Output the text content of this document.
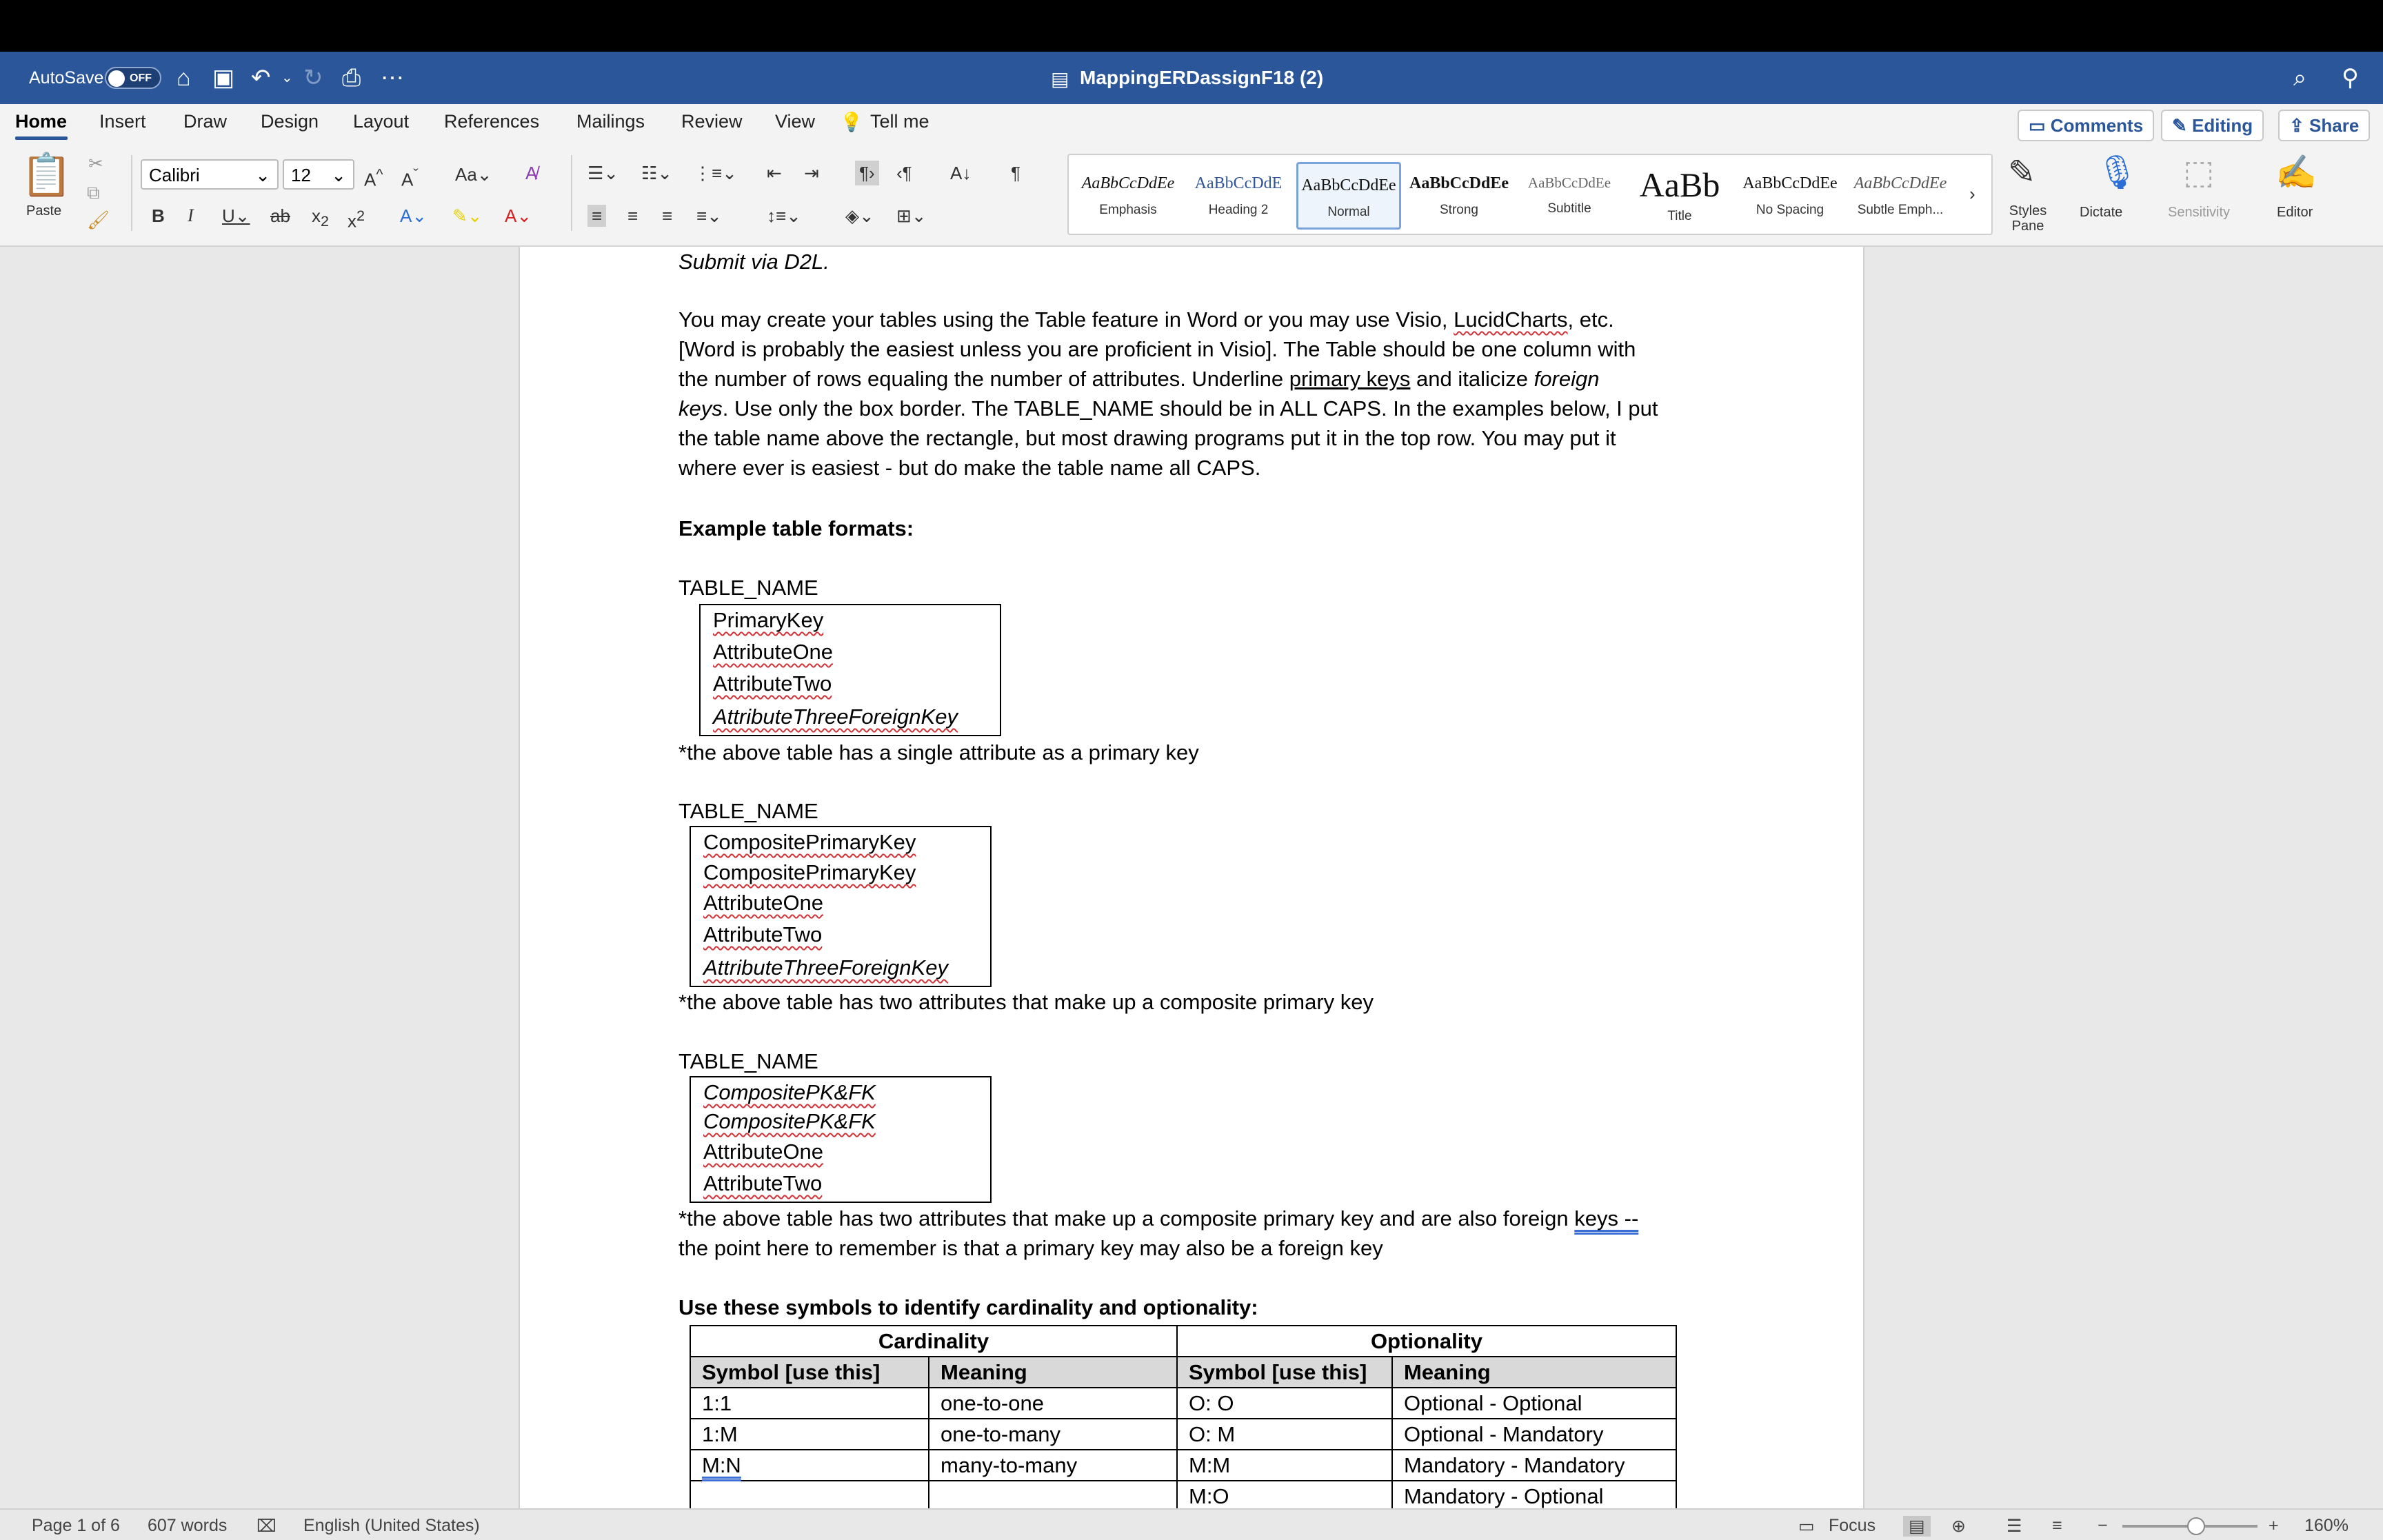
AutoSave OFF ⌂ ▣ ↶ ⌄ ↻ ⎙ ⋯	▤ MappingERDassignF18 (2)	⌕ ⚲
Home Insert Draw Design Layout References Mailings Review View 💡 Tell me	▭ Comments	✎ Editing	⇪ Share
📋
Paste
✂
⧉
🖌
Calibri	⌄	12 ⌄ A^ $A^ˇ$ Aa⌄ A̸
B I U⌄ ab $x_2$ $x^2$ A⌄ ✎⌄ A⌄
☰⌄ ☷⌄ ⋮≡⌄ ⇤ ⇥ ¶› ‹¶ A↓ ¶
≡ ≡ ≡ ≡⌄	↕≡⌄ ◈⌄ ⊞⌄
AaBbCcDdEe
Emphasis
AaBbCcDdE
Heading 2
AaBbCcDdEe
Normal
AaBbCcDdEe
Strong
AaBbCcDdEe
Subtitle
AaBb
Title
AaBbCcDdEe
No Spacing
AaBbCcDdEe
Subtle Emph...
›
✎
Styles Pane
🎙
Dictate
⬚
Sensitivity
✍
Editor
Submit via D2L.
You may create your tables using the Table feature in Word or you may use Visio, LucidCharts, etc.
[Word is probably the easiest unless you are proficient in Visio]. The Table should be one column with
the number of rows equaling the number of attributes. Underline primary keys and italicize foreign
keys. Use only the box border. The TABLE_NAME should be in ALL CAPS. In the examples below, I put
the table name above the rectangle, but most drawing programs put it in the top row. You may put it
where ever is easiest - but do make the table name all CAPS.
Example table formats:
TABLE_NAME
PrimaryKey
AttributeOne
AttributeTwo
AttributeThreeForeignKey
*the above table has a single attribute as a primary key
TABLE_NAME
CompositePrimaryKey
CompositePrimaryKey
AttributeOne
AttributeTwo
AttributeThreeForeignKey
*the above table has two attributes that make up a composite primary key
TABLE_NAME
CompositePK&FK
CompositePK&FK
AttributeOne
AttributeTwo
*the above table has two attributes that make up a composite primary key and are also foreign keys --
the point here to remember is that a primary key may also be a foreign key
Use these symbols to identify cardinality and optionality:
Cardinality		Optionality	
Symbol [use this]	Meaning	Symbol [use this]	Meaning
1:1	one-to-one	O: O	Optional - Optional
1:M	one-to-many	O: M	Optional - Mandatory
M:N	many-to-many	M:M	Mandatory - Mandatory
		M:O	Mandatory - Optional
Page 1 of 6 607 words ⌧ English (United States)	▭ Focus	▤	⊕ ☰ ≡ −	+ 160%
